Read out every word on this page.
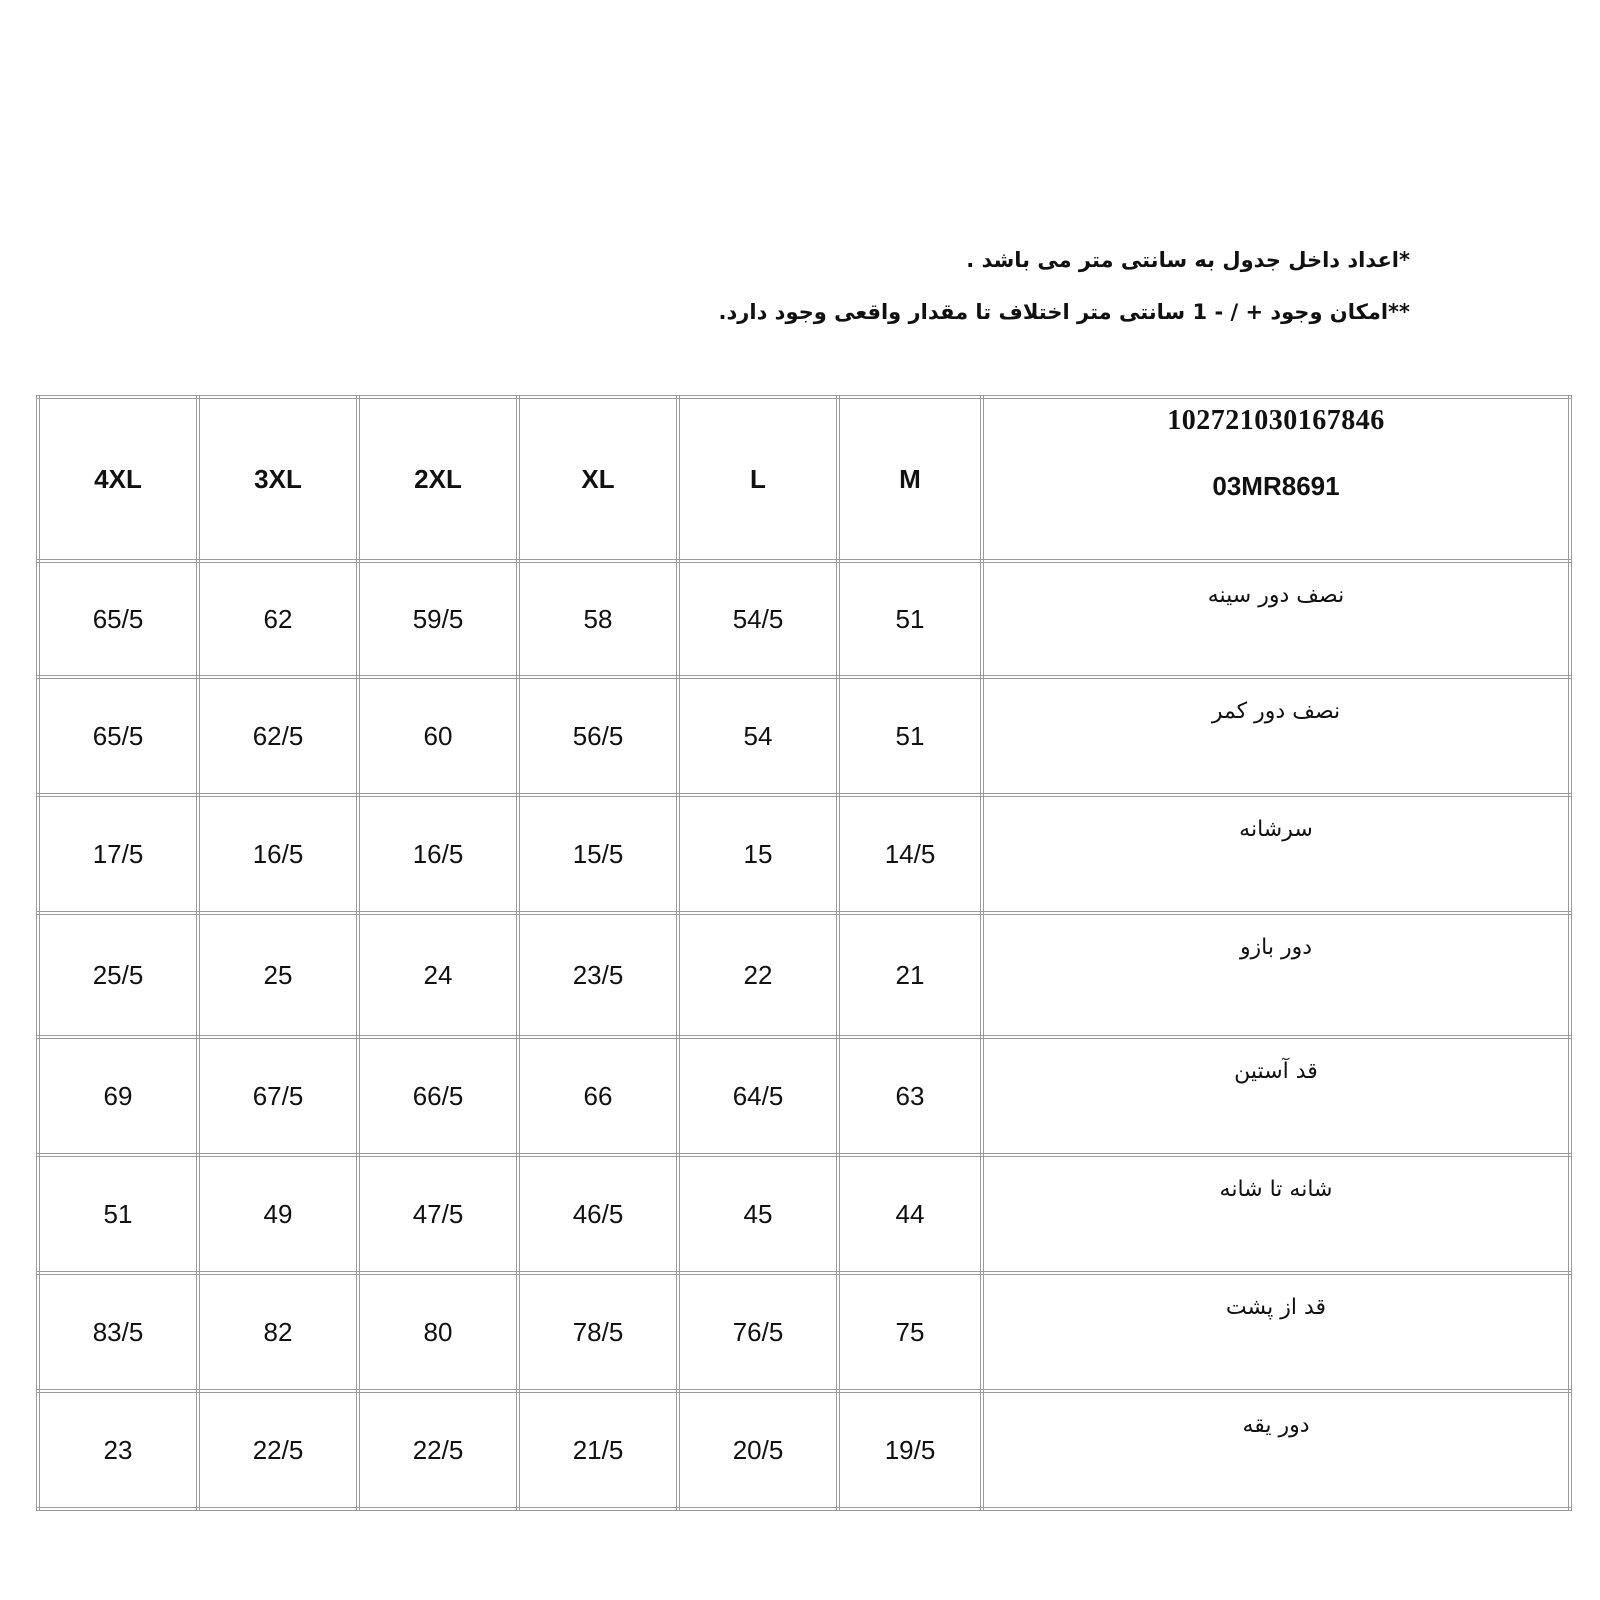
*اعداد داخل جدول به سانتی متر می باشد .
**امکان وجود + / - 1 سانتی متر اختلاف تا مقدار واقعی وجود دارد.
4XL	3XL	2XL	XL	L	M	102721030167846
03MR8691

65/5	62	59/5	58	54/5	51	نصف دور سینه
65/5	62/5	60	56/5	54	51	نصف دور کمر
17/5	16/5	16/5	15/5	15	14/5	سرشانه
25/5	25	24	23/5	22	21	دور بازو
69	67/5	66/5	66	64/5	63	قد آستین
51	49	47/5	46/5	45	44	شانه تا شانه
83/5	82	80	78/5	76/5	75	قد از پشت
23	22/5	22/5	21/5	20/5	19/5	دور یقه
